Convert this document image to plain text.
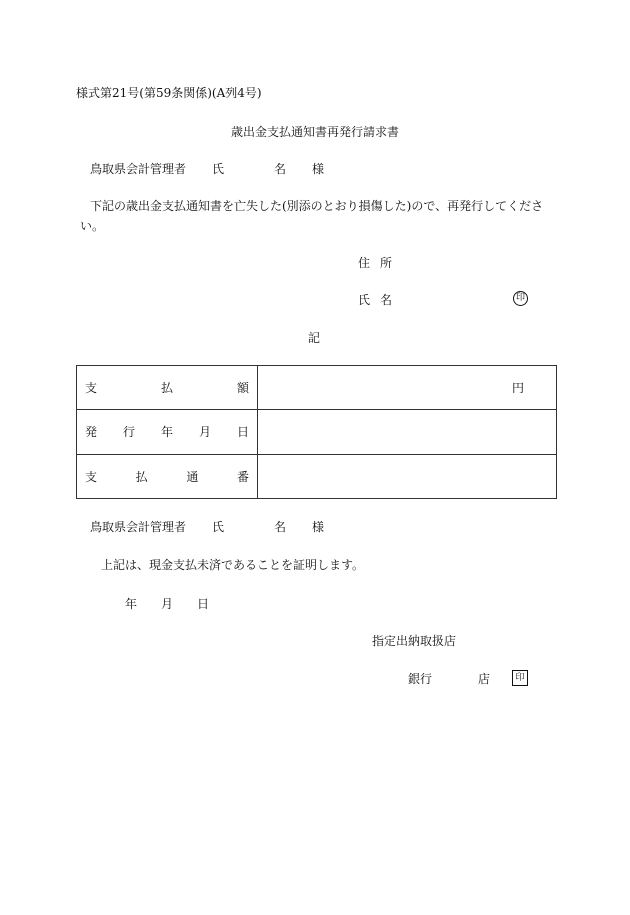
様式第21号(第59条関係)(A列4号)
歳出金支払通知書再発行請求書
鳥取県会計管理者 氏	名 様
下記の歳出金支払通知書を亡失した(別添のとおり損傷した)ので、再発行してください。
住 所
氏 名	印
記
支 払 額	円

発 行 年 月 日	

支 払 通 番	

鳥取県会計管理者 氏	名 様
上記は、現金支払未済であることを証明します。
年 月 日
指定出納取扱店
銀行	店	印
